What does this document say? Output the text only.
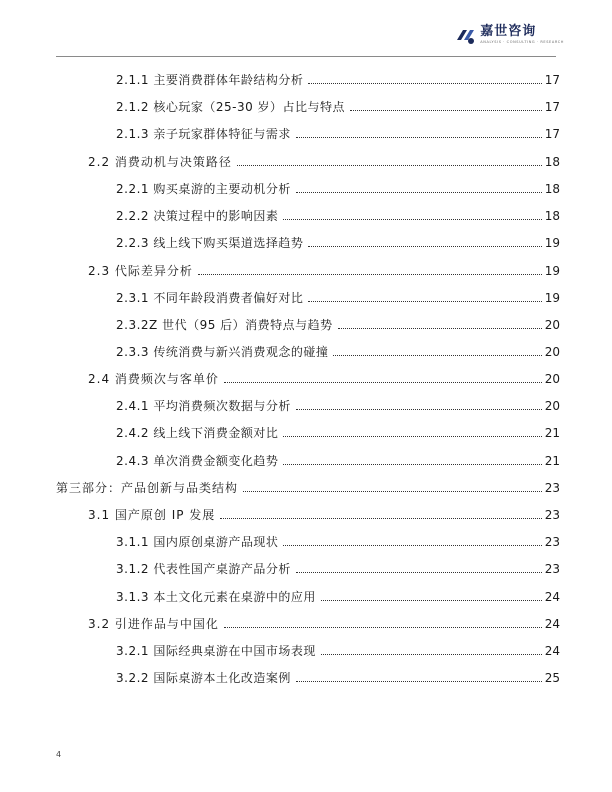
嘉世咨询
ANALYSIS · CONSULTING · RESEARCH
2.1.1 主要消费群体年龄结构分析	17
2.1.2 核心玩家（25-30 岁）占比与特点	17
2.1.3 亲子玩家群体特征与需求	17
2.2 消费动机与决策路径	18
2.2.1 购买桌游的主要动机分析	18
2.2.2 决策过程中的影响因素	18
2.2.3 线上线下购买渠道选择趋势	19
2.3 代际差异分析	19
2.3.1 不同年龄段消费者偏好对比	19
2.3.2Z 世代（95 后）消费特点与趋势	20
2.3.3 传统消费与新兴消费观念的碰撞	20
2.4 消费频次与客单价	20
2.4.1 平均消费频次数据与分析	20
2.4.2 线上线下消费金额对比	21
2.4.3 单次消费金额变化趋势	21
第三部分：产品创新与品类结构	23
3.1 国产原创 IP 发展	23
3.1.1 国内原创桌游产品现状	23
3.1.2 代表性国产桌游产品分析	23
3.1.3 本土文化元素在桌游中的应用	24
3.2 引进作品与中国化	24
3.2.1 国际经典桌游在中国市场表现	24
3.2.2 国际桌游本土化改造案例	25
4
